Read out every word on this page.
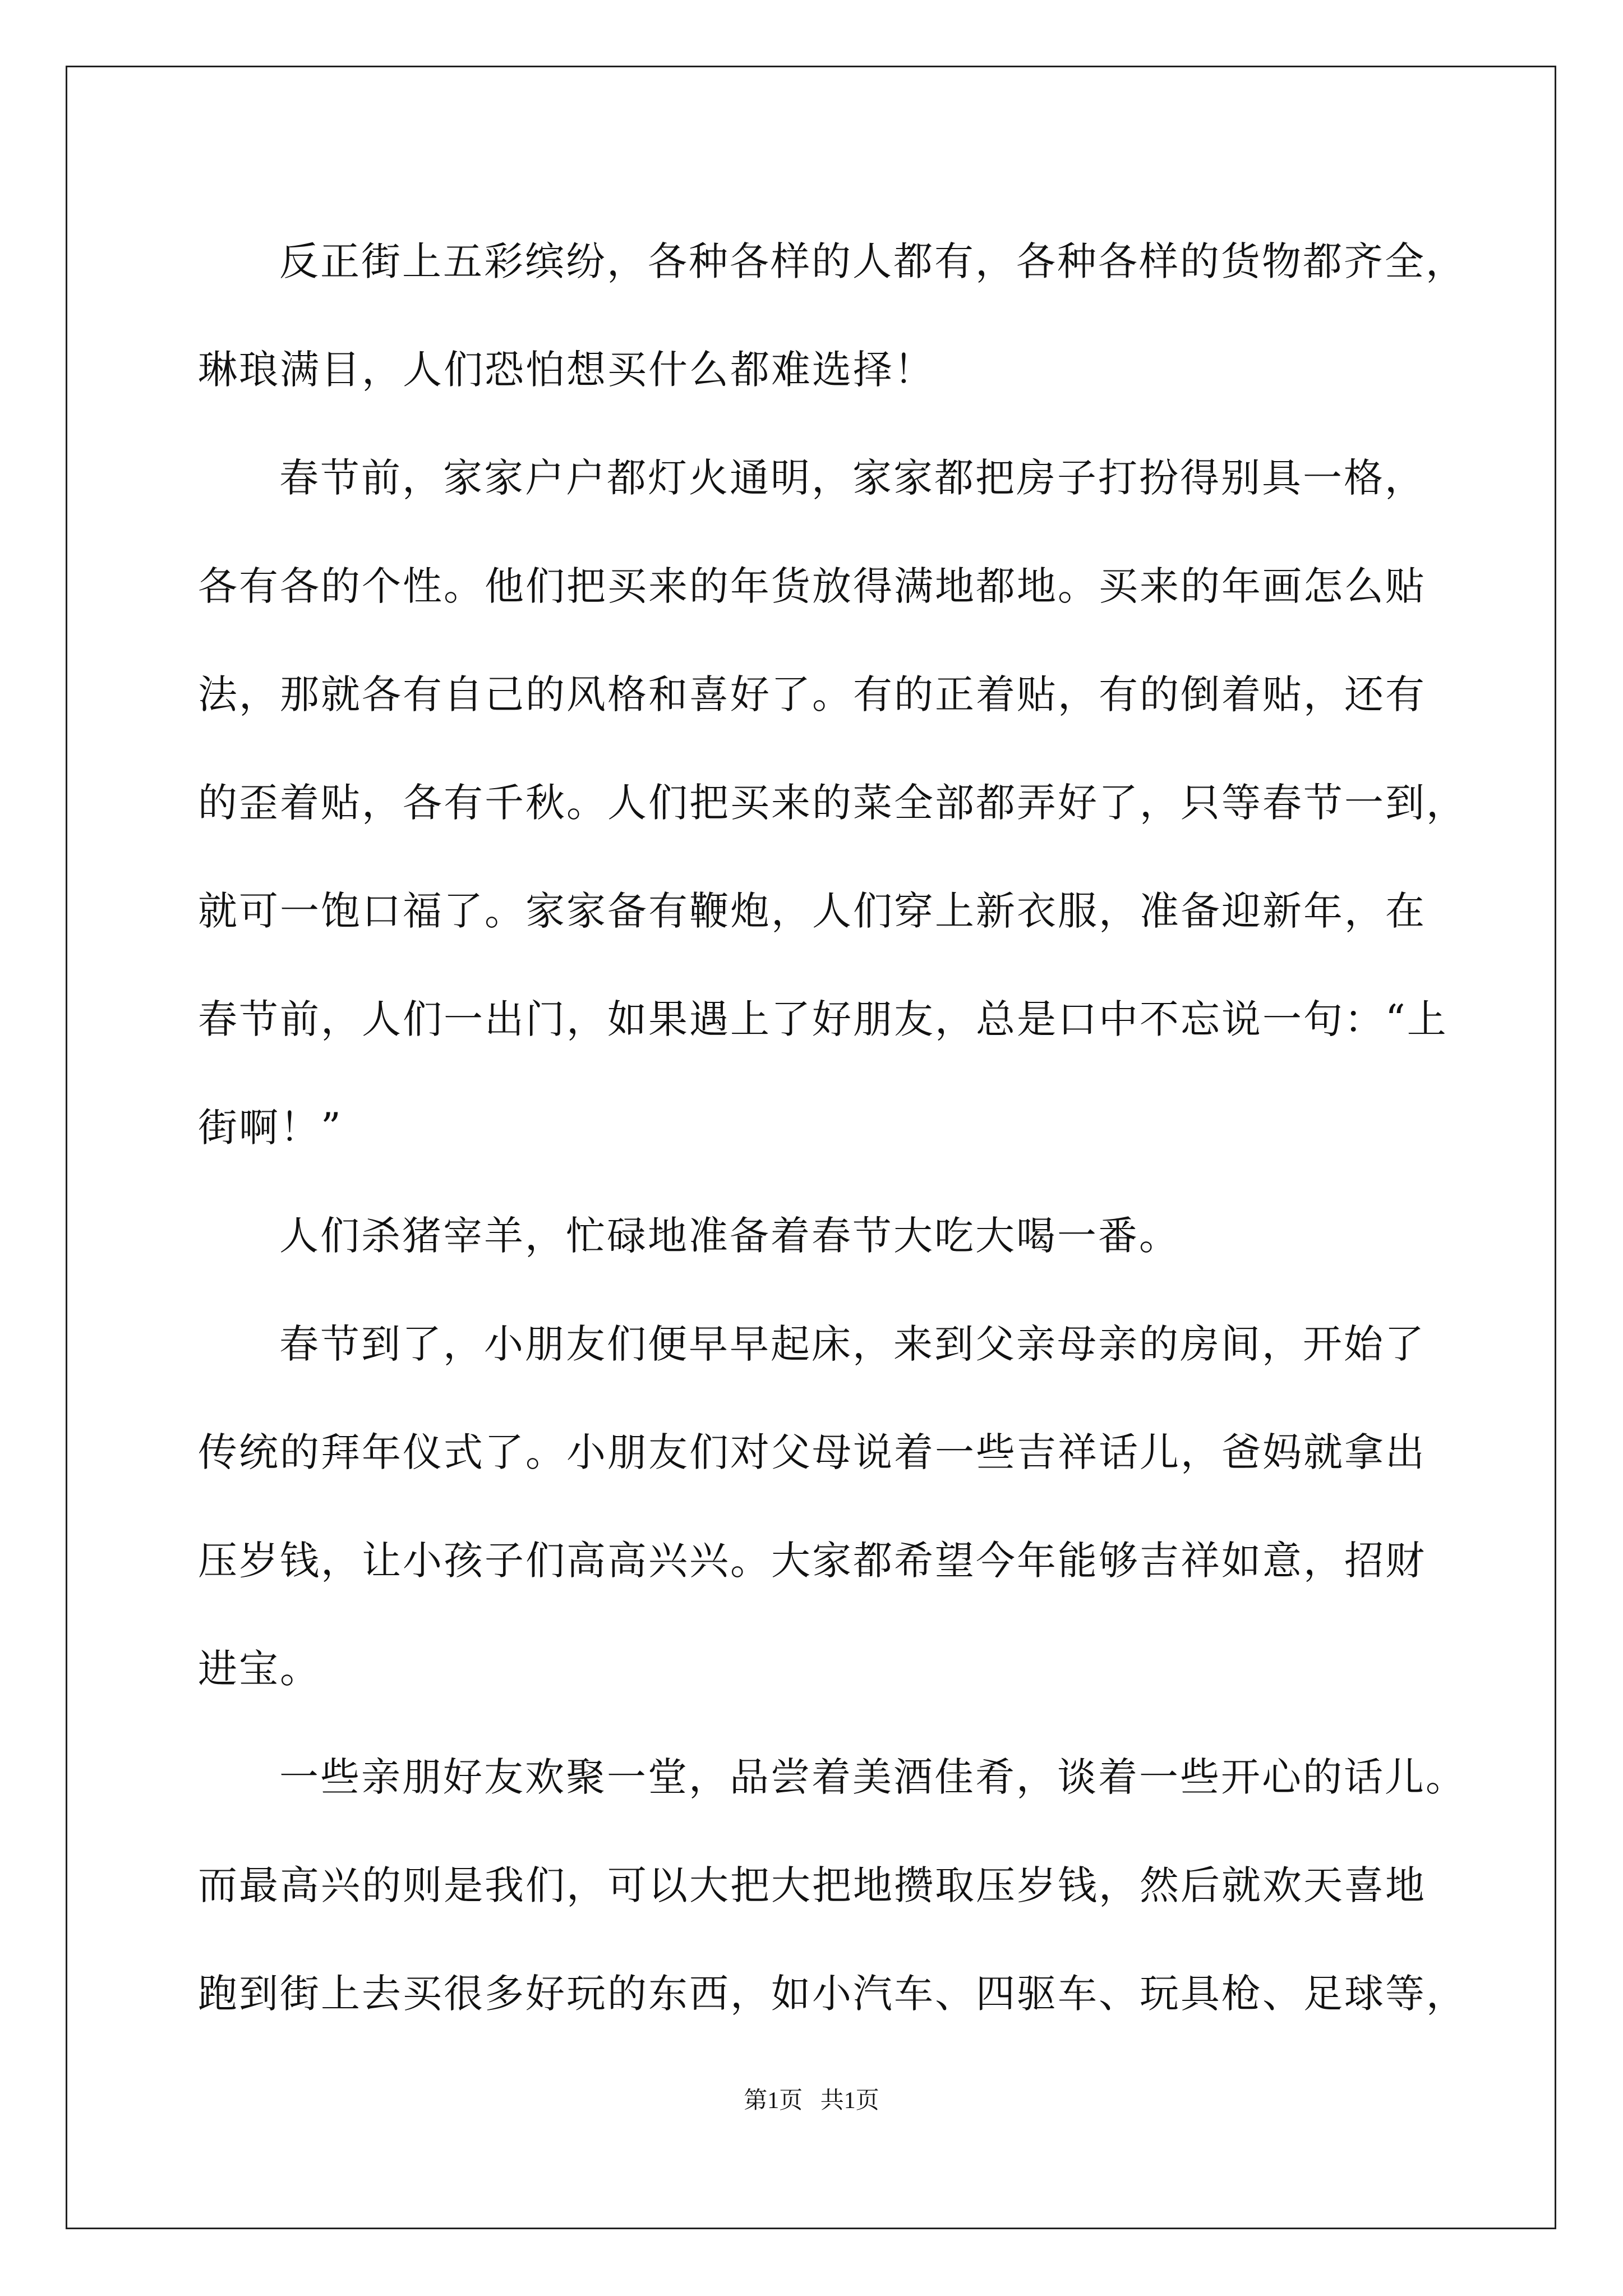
反正街上五彩缤纷，各种各样的人都有，各种各样的货物都齐全，
琳琅满目，人们恐怕想买什么都难选择！
春节前，家家户户都灯火通明，家家都把房子打扮得别具一格，
各有各的个性。他们把买来的年货放得满地都地。买来的年画怎么贴
法，那就各有自己的风格和喜好了。有的正着贴，有的倒着贴，还有
的歪着贴，各有千秋。人们把买来的菜全部都弄好了，只等春节一到，
就可一饱口福了。家家备有鞭炮，人们穿上新衣服，准备迎新年，在
春节前，人们一出门，如果遇上了好朋友，总是口中不忘说一句：“上
街啊！”
人们杀猪宰羊，忙碌地准备着春节大吃大喝一番。
春节到了，小朋友们便早早起床，来到父亲母亲的房间，开始了
传统的拜年仪式了。小朋友们对父母说着一些吉祥话儿，爸妈就拿出
压岁钱，让小孩子们高高兴兴。大家都希望今年能够吉祥如意，招财
进宝。
一些亲朋好友欢聚一堂，品尝着美酒佳肴，谈着一些开心的话儿。
而最高兴的则是我们，可以大把大把地攒取压岁钱，然后就欢天喜地
跑到街上去买很多好玩的东西，如小汽车、四驱车、玩具枪、足球等，
第1页   共1页
